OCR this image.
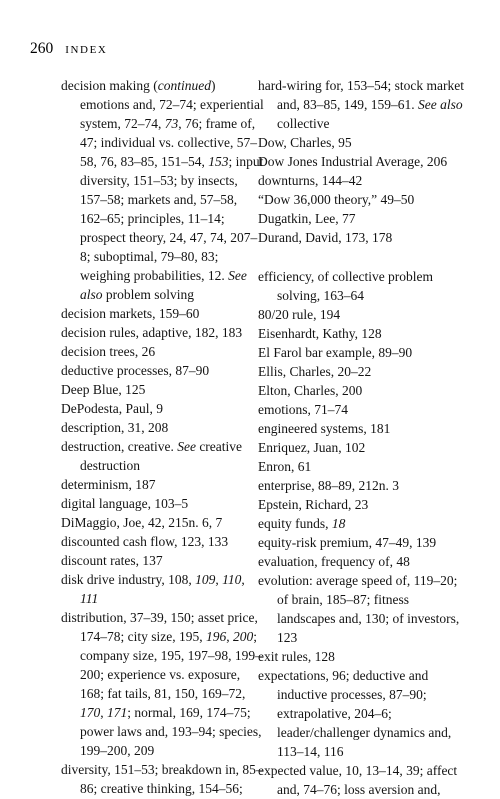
260 INDEX

decision making (continued) emotions and, 72–74; experiential system, 72–74, 73, 76; frame of, 47; individual vs. collective, 57–58, 76, 83–85, 151–54, 153; input diversity, 151–53; by insects, 157–58; markets and, 57–58, 162–65; principles, 11–14; prospect theory, 24, 47, 74, 207–8; suboptimal, 79–80, 83; weighing probabilities, 12. See also problem solving

decision markets, 159–60

decision rules, adaptive, 182, 183

decision trees, 26

deductive processes, 87–90

Deep Blue, 125

DePodesta, Paul, 9

description, 31, 208

destruction, creative. See creative destruction

determinism, 187

digital language, 103–5

DiMaggio, Joe, 42, 215n. 6, 7

discounted cash flow, 123, 133

discount rates, 137

disk drive industry, 108, 109, 110, 111

distribution, 37–39, 150; asset price, 174–78; city size, 195, 196, 200; company size, 195, 197–98, 199–200; experience vs. exposure, 168; fat tails, 81, 150, 169–72, 170, 171; normal, 169, 174–75; power laws and, 193–94; species, 199–200, 209

diversity, 151–53; breakdown in, 85–86; creative thinking, 154–56;

hard-wiring for, 153–54; stock market and, 83–85, 149, 159–61. See also collective

Dow, Charles, 95

Dow Jones Industrial Average, 206

downturns, 144–42

“Dow 36,000 theory,” 49–50

Dugatkin, Lee, 77

Durand, David, 173, 178

efficiency, of collective problem solving, 163–64

80/20 rule, 194

Eisenhardt, Kathy, 128

El Farol bar example, 89–90

Ellis, Charles, 20–22

Elton, Charles, 200

emotions, 71–74

engineered systems, 181

Enriquez, Juan, 102

Enron, 61

enterprise, 88–89, 212n. 3

Epstein, Richard, 23

equity funds, 18

equity-risk premium, 47–49, 139

evaluation, frequency of, 48

evolution: average speed of, 119–20; of brain, 185–87; fitness landscapes and, 130; of investors, 123

exit rules, 128

expectations, 96; deductive and inductive processes, 87–90; extrapolative, 204–6; leader/challenger dynamics and, 113–14, 116

expected value, 10, 13–14, 39; affect and, 74–76; loss aversion and,
